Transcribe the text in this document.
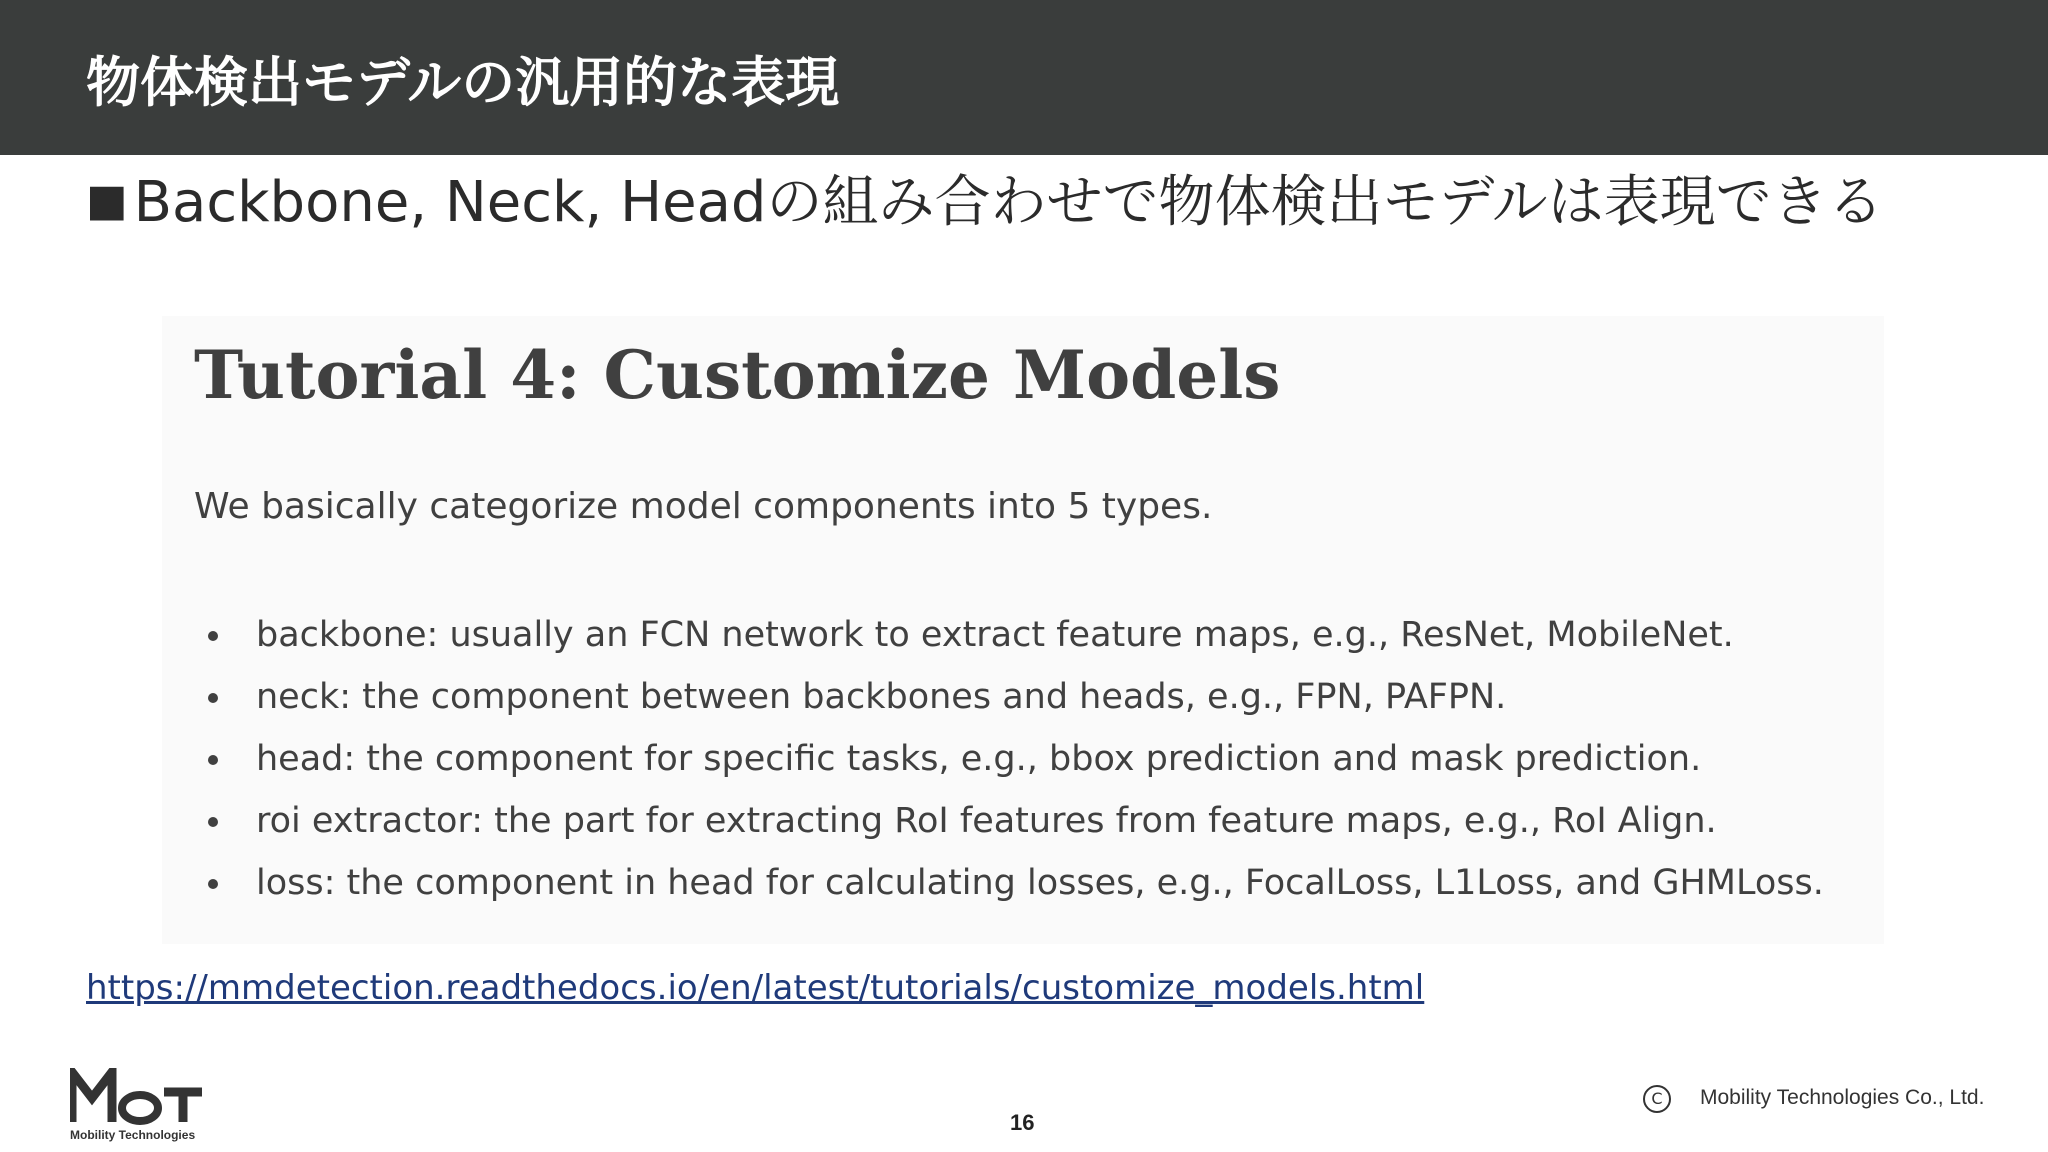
物体検出モデルの汎用的な表現
■ Backbone, Neck, Headの組み合わせで物体検出モデルは表現できる
Tutorial 4: Customize Models

We basically categorize model components into 5 types.

backbone: usually an FCN network to extract feature maps, e.g., ResNet, MobileNet.
neck: the component between backbones and heads, e.g., FPN, PAFPN.
head: the component for specific tasks, e.g., bbox prediction and mask prediction.
roi extractor: the part for extracting RoI features from feature maps, e.g., RoI Align.
loss: the component in head for calculating losses, e.g., FocalLoss, L1Loss, and GHMLoss.
https://mmdetection.readthedocs.io/en/latest/tutorials/customize_models.html
Mobility Technologies	16
C	Mobility Technologies Co., Ltd.
